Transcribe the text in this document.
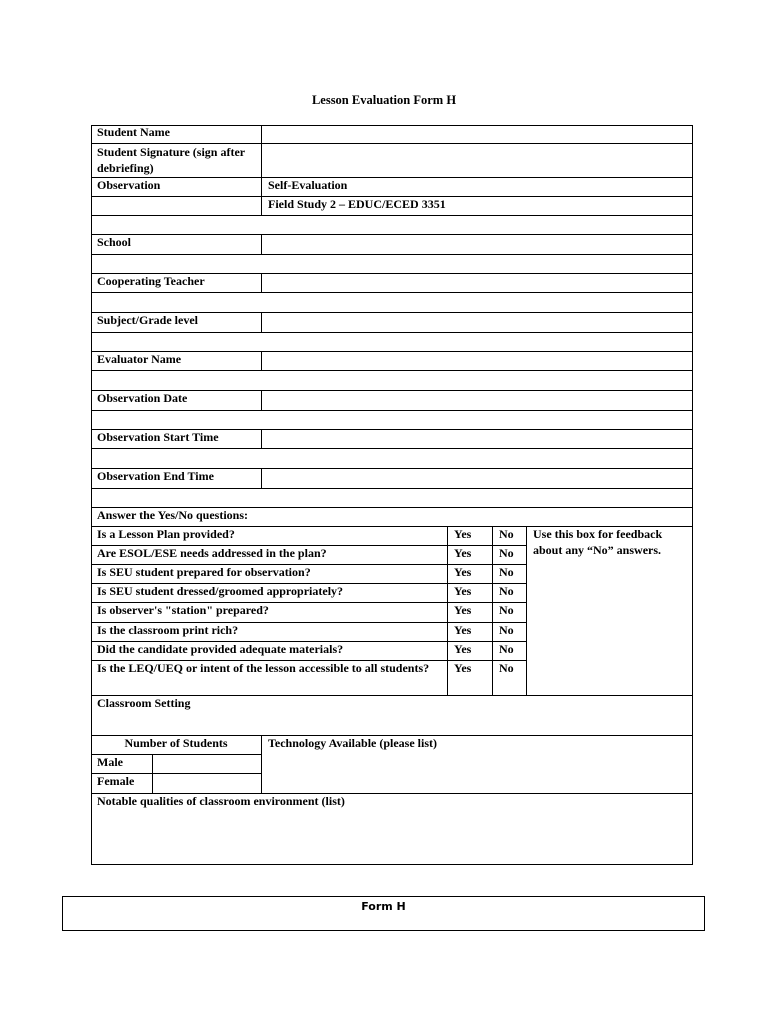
Lesson Evaluation Form H
Student Name
Student Signature (sign after debriefing)
Observation	Self-Evaluation
Field Study 2 – EDUC/ECED 3351
School
Cooperating Teacher
Subject/Grade level
Evaluator Name
Observation Date
Observation Start Time
Observation End Time
Answer the Yes/No questions:
Is a Lesson Plan provided?	Yes	No
Are ESOL/ESE needs addressed in the plan?	Yes	No
Is SEU student prepared for observation?	Yes	No
Is SEU student dressed/groomed appropriately?	Yes	No
Is observer's "station" prepared?	Yes	No
Is the classroom print rich?	Yes	No
Did the candidate provided adequate materials?	Yes	No
Is the LEQ/UEQ or intent of the lesson accessible to all students?	Yes	No
Use this box for feedback about any “No” answers.
Classroom Setting
Number of Students	Technology Available (please list)
Male
Female
Notable qualities of classroom environment (list)
Form H
